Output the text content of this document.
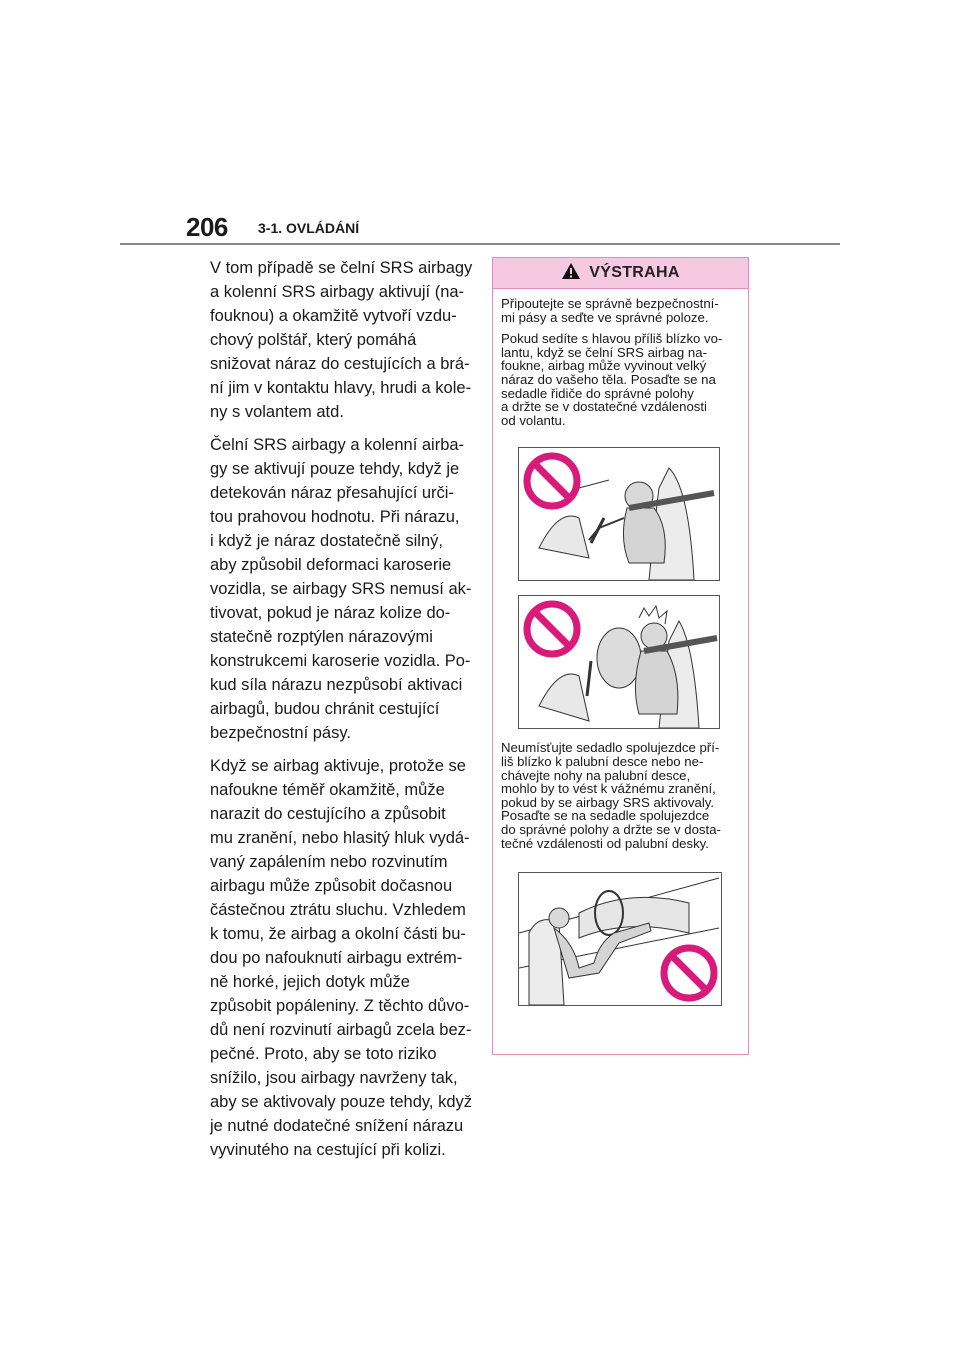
206 3-1. OVLÁDÁNÍ

V tom případě se čelní SRS airbagy
a kolenní SRS airbagy aktivují (na-
fouknou) a okamžitě vytvoří vzdu-
chový polštář, který pomáhá
snižovat náraz do cestujících a brá-
ní jim v kontaktu hlavy, hrudi a kole-
ny s volantem atd.

Čelní SRS airbagy a kolenní airba-
gy se aktivují pouze tehdy, když je
detekován náraz přesahující urči-
tou prahovou hodnotu. Při nárazu,
i když je náraz dostatečně silný,
aby způsobil deformaci karoserie
vozidla, se airbagy SRS nemusí ak-
tivovat, pokud je náraz kolize do-
statečně rozptýlen nárazovými
konstrukcemi karoserie vozidla. Po-
kud síla nárazu nezpůsobí aktivaci
airbagů, budou chránit cestující
bezpečnostní pásy.

Když se airbag aktivuje, protože se
nafoukne téměř okamžitě, může
narazit do cestujícího a způsobit
mu zranění, nebo hlasitý hluk vydá-
vaný zapálením nebo rozvinutím
airbagu může způsobit dočasnou
částečnou ztrátu sluchu. Vzhledem
k tomu, že airbag a okolní části bu-
dou po nafouknutí airbagu extrém-
ně horké, jejich dotyk může
způsobit popáleniny. Z těchto důvo-
dů není rozvinutí airbagů zcela bez-
pečné. Proto, aby se toto riziko
snížilo, jsou airbagy navrženy tak,
aby se aktivovaly pouze tehdy, když
je nutné dodatečné snížení nárazu
vyvinutého na cestující při kolizi.

VÝSTRAHA

Připoutejte se správně bezpečnostní-
mi pásy a seďte ve správné poloze.

Pokud sedíte s hlavou příliš blízko vo-
lantu, když se čelní SRS airbag na-
foukne, airbag může vyvinout velký
náraz do vašeho těla. Posaďte se na
sedadle řidiče do správné polohy
a držte se v dostatečné vzdálenosti
od volantu.

Neumísťujte sedadlo spolujezdce pří-
liš blízko k palubní desce nebo ne-
chávejte nohy na palubní desce,
mohlo by to vést k vážnému zranění,
pokud by se airbagy SRS aktivovaly.
Posaďte se na sedadle spolujezdce
do správné polohy a držte se v dosta-
tečné vzdálenosti od palubní desky.
